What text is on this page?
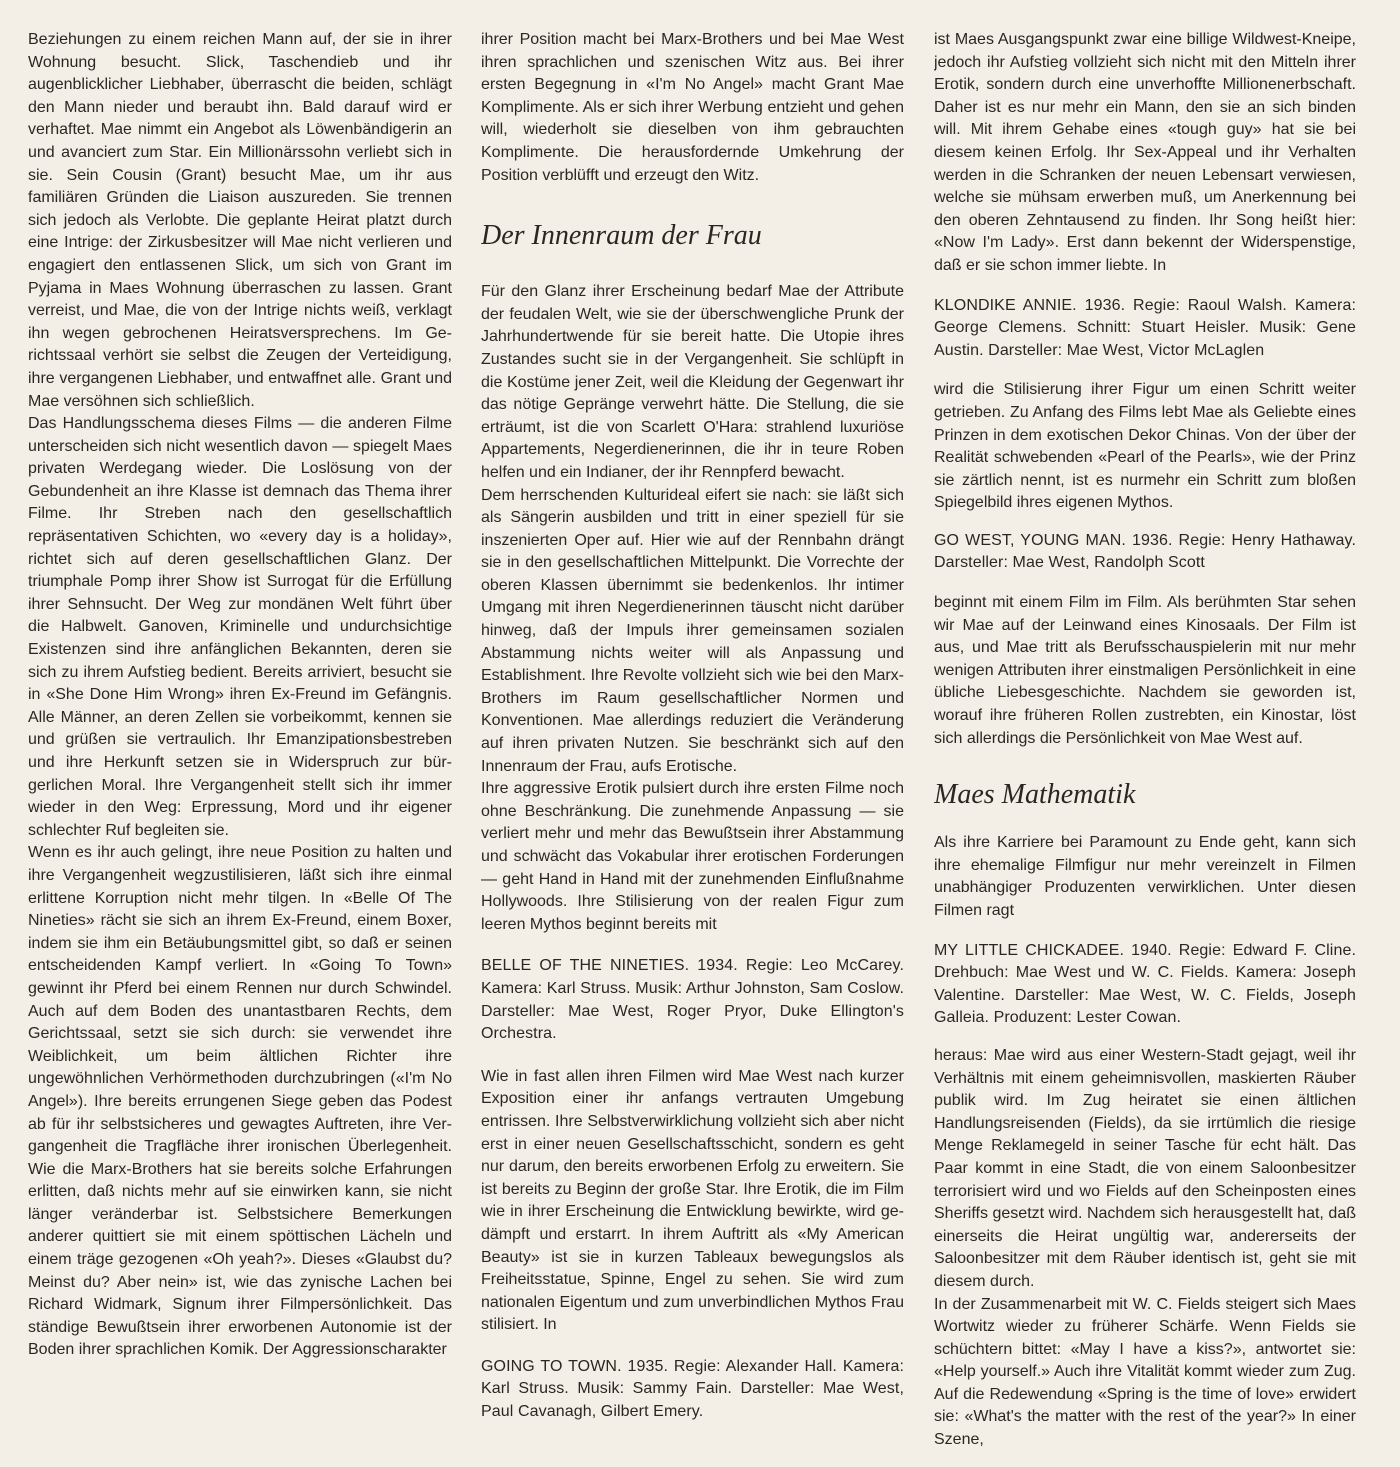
Beziehungen zu einem reichen Mann auf, der sie in ihrer Wohnung besucht. Slick, Taschendieb und ihr augenblicklicher Liebhaber, überrascht die beiden, schlägt den Mann nieder und beraubt ihn. Bald darauf wird er verhaftet. Mae nimmt ein Angebot als Löwenbändigerin an und avanciert zum Star. Ein Millionärssohn verliebt sich in sie. Sein Cousin (Grant) besucht Mae, um ihr aus familiären Gründen die Liaison auszureden. Sie trennen sich jedoch als Verlobte. Die geplante Heirat platzt durch eine Intrige: der Zirkusbesitzer will Mae nicht verlieren und engagiert den entlassenen Slick, um sich von Grant im Pyjama in Maes Wohnung überraschen zu lassen. Grant verreist, und Mae, die von der Intrige nichts weiß, verklagt ihn wegen gebrochenen Heiratsversprechens. Im Gerichtssaal verhört sie selbst die Zeugen der Verteidigung, ihre vergangenen Liebhaber, und entwaffnet alle. Grant und Mae versöhnen sich schließlich.

Das Handlungsschema dieses Films — die anderen Filme unterscheiden sich nicht wesentlich davon — spiegelt Maes privaten Werdegang wieder. Die Loslösung von der Gebundenheit an ihre Klasse ist demnach das Thema ihrer Filme. Ihr Streben nach den gesellschaftlich repräsentativen Schichten, wo «every day is a holiday», richtet sich auf deren gesellschaftlichen Glanz. Der triumphale Pomp ihrer Show ist Surrogat für die Erfüllung ihrer Sehnsucht. Der Weg zur mondänen Welt führt über die Halbwelt. Ganoven, Kriminelle und undurchsichtige Existenzen sind ihre anfänglichen Bekannten, deren sie sich zu ihrem Aufstieg bedient. Bereits arriviert, besucht sie in «She Done Him Wrong» ihren Ex-Freund im Gefängnis. Alle Männer, an deren Zellen sie vorbeikommt, kennen sie und grüßen sie vertraulich. Ihr Emanzipationsbestreben und ihre Herkunft setzen sie in Widerspruch zur bürgerlichen Moral. Ihre Vergangenheit stellt sich ihr immer wieder in den Weg: Erpressung, Mord und ihr eigener schlechter Ruf begleiten sie.

Wenn es ihr auch gelingt, ihre neue Position zu halten und ihre Vergangenheit wegzustilisieren, läßt sich ihre einmal erlittene Korruption nicht mehr tilgen. In «Belle Of The Nineties» rächt sie sich an ihrem Ex-Freund, einem Boxer, indem sie ihm ein Betäubungsmittel gibt, so daß er seinen entscheidenden Kampf verliert. In «Going To Town» gewinnt ihr Pferd bei einem Rennen nur durch Schwindel. Auch auf dem Boden des unantastbaren Rechts, dem Gerichtssaal, setzt sie sich durch: sie verwendet ihre Weiblichkeit, um beim ältlichen Richter ihre ungewöhnlichen Verhörmethoden durchzubringen («I'm No Angel»). Ihre bereits errungenen Siege geben das Podest ab für ihr selbstsicheres und gewagtes Auftreten, ihre Vergangenheit die Tragfläche ihrer ironischen Überlegenheit. Wie die Marx-Brothers hat sie bereits solche Erfahrungen erlitten, daß nichts mehr auf sie einwirken kann, sie nicht länger veränderbar ist. Selbstsichere Bemerkungen anderer quittiert sie mit einem spöttischen Lächeln und einem träge gezogenen «Oh yeah?». Dieses «Glaubst du? Meinst du? Aber nein» ist, wie das zynische Lachen bei Richard Widmark, Signum ihrer Filmpersönlichkeit. Das ständige Bewußtsein ihrer erworbenen Autonomie ist der Boden ihrer sprachlichen Komik. Der Aggressionscharakter

ihrer Position macht bei Marx-Brothers und bei Mae West ihren sprachlichen und szenischen Witz aus. Bei ihrer ersten Begegnung in «I'm No Angel» macht Grant Mae Komplimente. Als er sich ihrer Werbung entzieht und gehen will, wiederholt sie dieselben von ihm gebrauchten Komplimente. Die herausfordernde Umkehrung der Position verblüfft und erzeugt den Witz.

Der Innenraum der Frau

Für den Glanz ihrer Erscheinung bedarf Mae der Attribute der feudalen Welt, wie sie der überschwengliche Prunk der Jahrhundertwende für sie bereit hatte. Die Utopie ihres Zustandes sucht sie in der Vergangenheit. Sie schlüpft in die Kostüme jener Zeit, weil die Kleidung der Gegenwart ihr das nötige Gepränge verwehrt hätte. Die Stellung, die sie erträumt, ist die von Scarlett O'Hara: strahlend luxuriöse Appartements, Negerdienerinnen, die ihr in teure Roben helfen und ein Indianer, der ihr Rennpferd bewacht.

Dem herrschenden Kulturideal eifert sie nach: sie läßt sich als Sängerin ausbilden und tritt in einer speziell für sie inszenierten Oper auf. Hier wie auf der Rennbahn drängt sie in den gesellschaftlichen Mittelpunkt. Die Vorrechte der oberen Klassen übernimmt sie bedenkenlos. Ihr intimer Umgang mit ihren Negerdienerinnen täuscht nicht darüber hinweg, daß der Impuls ihrer gemeinsamen sozialen Abstammung nichts weiter will als Anpassung und Establishment. Ihre Revolte vollzieht sich wie bei den Marx-Brothers im Raum gesellschaftlicher Normen und Konventionen. Mae allerdings reduziert die Veränderung auf ihren privaten Nutzen. Sie beschränkt sich auf den Innenraum der Frau, aufs Erotische.

Ihre aggressive Erotik pulsiert durch ihre ersten Filme noch ohne Beschränkung. Die zunehmende Anpassung — sie verliert mehr und mehr das Bewußtsein ihrer Abstammung und schwächt das Vokabular ihrer erotischen Forderungen — geht Hand in Hand mit der zunehmenden Einflußnahme Hollywoods. Ihre Stilisierung von der realen Figur zum leeren Mythos beginnt bereits mit

BELLE OF THE NINETIES. 1934. Regie: Leo McCarey. Kamera: Karl Struss. Musik: Arthur Johnston, Sam Coslow. Darsteller: Mae West, Roger Pryor, Duke Ellington's Orchestra.

Wie in fast allen ihren Filmen wird Mae West nach kurzer Exposition einer ihr anfangs vertrauten Umgebung entrissen. Ihre Selbstverwirklichung vollzieht sich aber nicht erst in einer neuen Gesellschaftsschicht, sondern es geht nur darum, den bereits erworbenen Erfolg zu erweitern. Sie ist bereits zu Beginn der große Star. Ihre Erotik, die im Film wie in ihrer Erscheinung die Entwicklung bewirkte, wird gedämpft und erstarrt. In ihrem Auftritt als «My American Beauty» ist sie in kurzen Tableaux bewegungslos als Freiheitsstatue, Spinne, Engel zu sehen. Sie wird zum nationalen Eigentum und zum unverbindlichen Mythos Frau stilisiert. In

GOING TO TOWN. 1935. Regie: Alexander Hall. Kamera: Karl Struss. Musik: Sammy Fain. Darsteller: Mae West, Paul Cavanagh, Gilbert Emery.

ist Maes Ausgangspunkt zwar eine billige Wildwest-Kneipe, jedoch ihr Aufstieg vollzieht sich nicht mit den Mitteln ihrer Erotik, sondern durch eine unverhoffte Millionenerbschaft. Daher ist es nur mehr ein Mann, den sie an sich binden will. Mit ihrem Gehabe eines «tough guy» hat sie bei diesem keinen Erfolg. Ihr Sex-Appeal und ihr Verhalten werden in die Schranken der neuen Lebensart verwiesen, welche sie mühsam erwerben muß, um Anerkennung bei den oberen Zehntausend zu finden. Ihr Song heißt hier: «Now I'm Lady». Erst dann bekennt der Widerspenstige, daß er sie schon immer liebte. In

KLONDIKE ANNIE. 1936. Regie: Raoul Walsh. Kamera: George Clemens. Schnitt: Stuart Heisler. Musik: Gene Austin. Darsteller: Mae West, Victor McLaglen

wird die Stilisierung ihrer Figur um einen Schritt weiter getrieben. Zu Anfang des Films lebt Mae als Geliebte eines Prinzen in dem exotischen Dekor Chinas. Von der über der Realität schwebenden «Pearl of the Pearls», wie der Prinz sie zärtlich nennt, ist es nurmehr ein Schritt zum bloßen Spiegelbild ihres eigenen Mythos.

GO WEST, YOUNG MAN. 1936. Regie: Henry Hathaway. Darsteller: Mae West, Randolph Scott

beginnt mit einem Film im Film. Als berühmten Star sehen wir Mae auf der Leinwand eines Kinosaals. Der Film ist aus, und Mae tritt als Berufsschauspielerin mit nur mehr wenigen Attributen ihrer einstmaligen Persönlichkeit in eine übliche Liebesgeschichte. Nachdem sie geworden ist, worauf ihre früheren Rollen zustrebten, ein Kinostar, löst sich allerdings die Persönlichkeit von Mae West auf.

Maes Mathematik

Als ihre Karriere bei Paramount zu Ende geht, kann sich ihre ehemalige Filmfigur nur mehr vereinzelt in Filmen unabhängiger Produzenten verwirklichen. Unter diesen Filmen ragt

MY LITTLE CHICKADEE. 1940. Regie: Edward F. Cline. Drehbuch: Mae West und W. C. Fields. Kamera: Joseph Valentine. Darsteller: Mae West, W. C. Fields, Joseph Galleia. Produzent: Lester Cowan.

heraus: Mae wird aus einer Western-Stadt gejagt, weil ihr Verhältnis mit einem geheimnisvollen, maskierten Räuber publik wird. Im Zug heiratet sie einen ältlichen Handlungsreisenden (Fields), da sie irrtümlich die riesige Menge Reklamegeld in seiner Tasche für echt hält. Das Paar kommt in eine Stadt, die von einem Saloonbesitzer terrorisiert wird und wo Fields auf den Scheinposten eines Sheriffs gesetzt wird. Nachdem sich herausgestellt hat, daß einerseits die Heirat ungültig war, andererseits der Saloonbesitzer mit dem Räuber identisch ist, geht sie mit diesem durch.

In der Zusammenarbeit mit W. C. Fields steigert sich Maes Wortwitz wieder zu früherer Schärfe. Wenn Fields sie schüchtern bittet: «May I have a kiss?», antwortet sie: «Help yourself.» Auch ihre Vitalität kommt wieder zum Zug. Auf die Redewendung «Spring is the time of love» erwidert sie: «What's the matter with the rest of the year?» In einer Szene,
